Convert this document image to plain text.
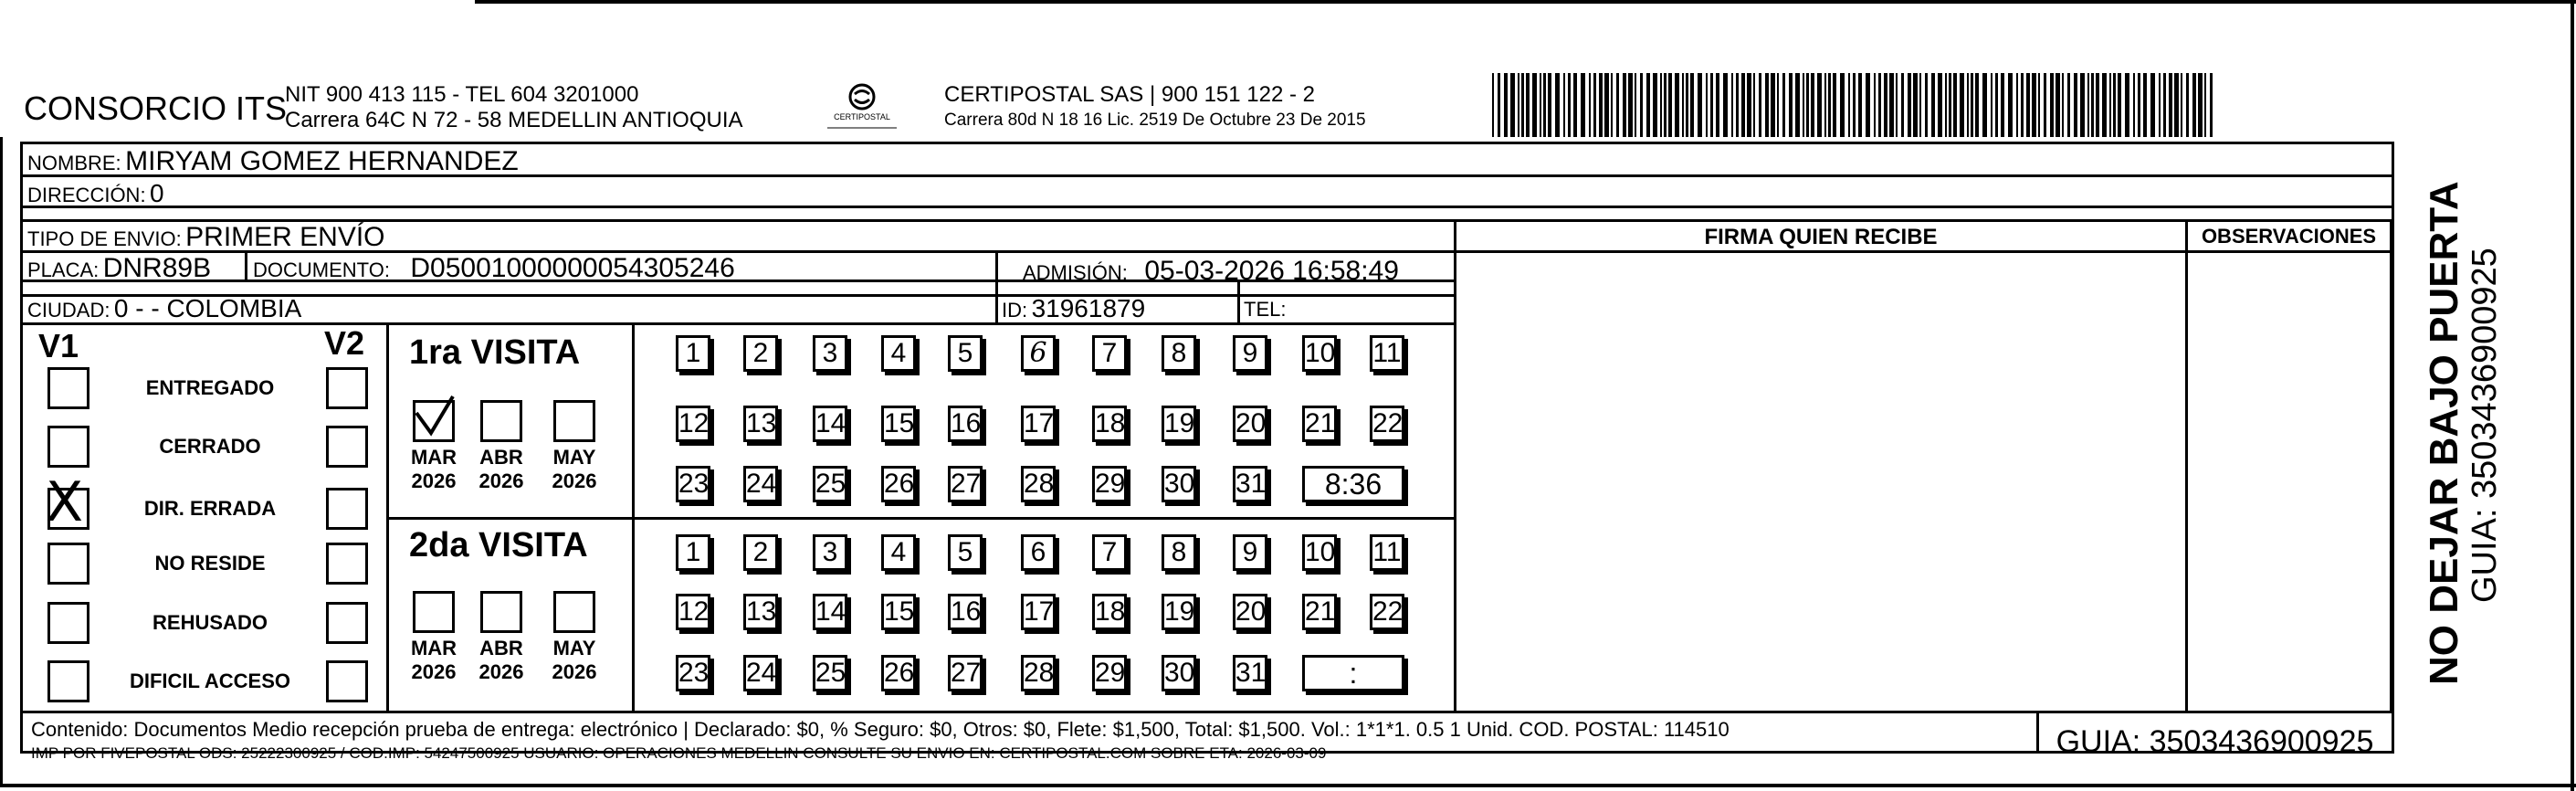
CONSORCIO ITS
NIT 900 413 115 - TEL 604 3201000
Carrera 64C N 72 - 58 MEDELLIN ANTIOQUIA	CERTIPOSTAL
CERTIPOSTAL SAS | 900 151 122 - 2
Carrera 80d N 18 16 Lic. 2519 De Octubre 23 De 2015
NOMBRE: MIRYAM GOMEZ HERNANDEZ
DIRECCIÓN: 0
TIPO DE ENVIO: PRIMER ENVÍO
PLACA: DNR89B DOCUMENTO: D05001000000054305246	ADMISIÓN: 05-03-2026 16:58:49
CIUDAD: 0 - - COLOMBIA	ID: 31961879	TEL:
FIRMA QUIEN RECIBE	OBSERVACIONES
V1	V2
ENTREGADO
CERRADO
X	DIR. ERRADA
NO RESIDE
REHUSADO
DIFICIL ACCESO
1ra VISITA
MAR
2026
ABR
2026
MAY
2026
1	2	3	4	5	6	7	8	9	10 11
12 13 14 15 16 17 18 19 20 21 22
23 24 25 26 27 28 29 30 31	8:36
2da VISITA
MAR
2026
ABR
2026
MAY
2026
1	2	3	4	5	6	7	8	9	10 11
12 13 14 15 16 17 18 19 20 21 22
23 24 25 26 27 28 29 30 31	:
Contenido: Documentos Medio recepción prueba de entrega: electrónico | Declarado: $0, % Seguro: $0, Otros: $0, Flete: $1,500, Total: $1,500. Vol.: 1*1*1. 0.5 1 Unid. COD. POSTAL: 114510
IMP POR FIVEPOSTAL ODS: 25222300925 / COD.IMP: 54247500925 USUARIO: OPERACIONES MEDELLIN CONSULTE SU ENVIO EN: CERTIPOSTAL.COM SOBRE ETA: 2026-03-09	GUIA: 3503436900925
NO DEJAR BAJO PUERTA GUIA: 3503436900925
